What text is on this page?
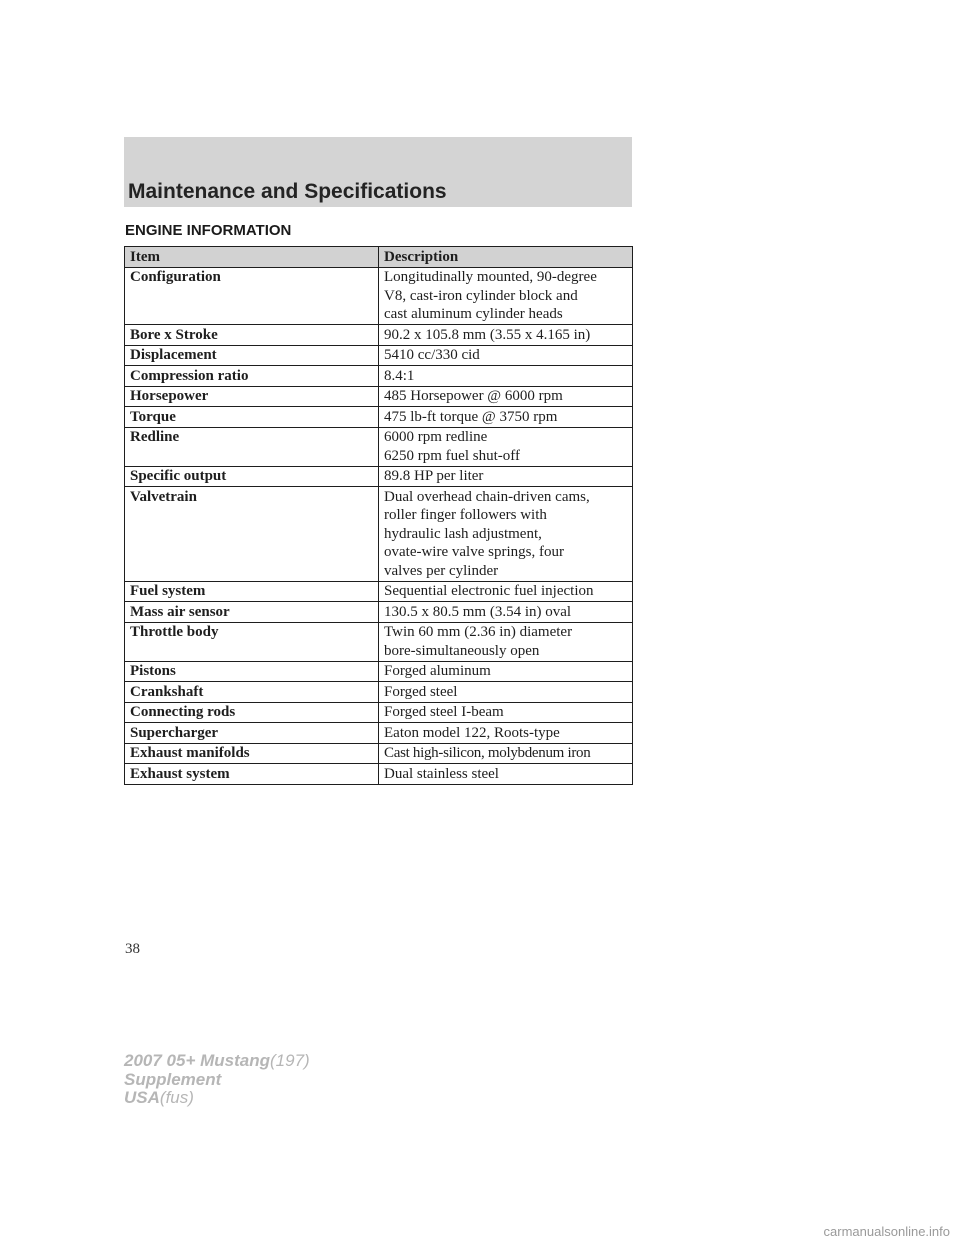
Maintenance and Specifications
ENGINE INFORMATION
Item	Description
Configuration	Longitudinally mounted, 90-degree
V8, cast-iron cylinder block and
cast aluminum cylinder heads

Bore x Stroke	90.2 x 105.8 mm (3.55 x 4.165 in)

Displacement	5410 cc/330 cid

Compression ratio	8.4:1

Horsepower	485 Horsepower @ 6000 rpm

Torque	475 lb-ft torque @ 3750 rpm

Redline	6000 rpm redline
6250 rpm fuel shut-off

Specific output	89.8 HP per liter

Valvetrain	Dual overhead chain-driven cams,
roller finger followers with
hydraulic lash adjustment,
ovate-wire valve springs, four
valves per cylinder

Fuel system	Sequential electronic fuel injection

Mass air sensor	130.5 x 80.5 mm (3.54 in) oval

Throttle body	Twin 60 mm (2.36 in) diameter
bore-simultaneously open

Pistons	Forged aluminum

Crankshaft	Forged steel

Connecting rods	Forged steel I-beam

Supercharger	Eaton model 122, Roots-type

Exhaust manifolds	Cast high-silicon, molybdenum iron

Exhaust system	Dual stainless steel
38
2007 05+ Mustang(197)
Supplement
USA(fus)
carmanualsonline.info
